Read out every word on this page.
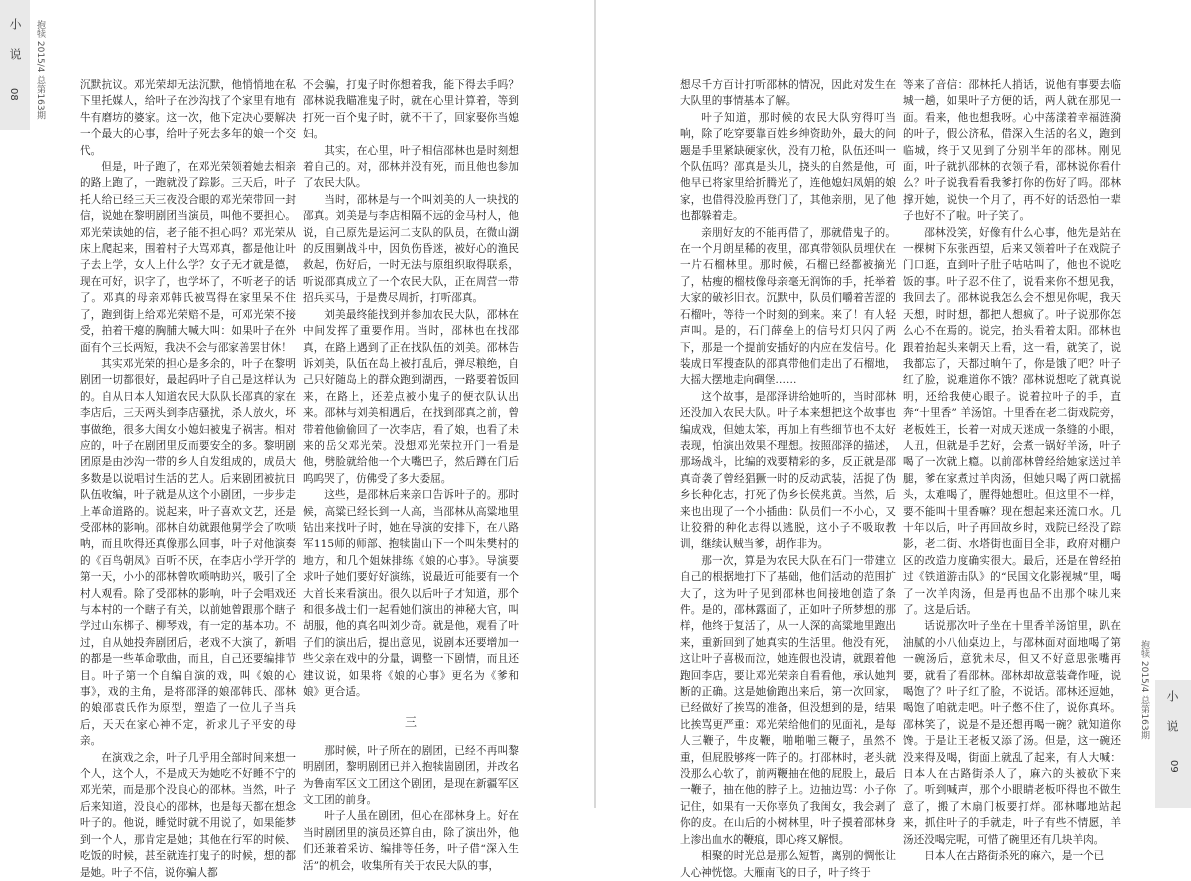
小说
08 抱犊 2015/4 总第163期
小说
09
抱犊 2015/4 总第163期

沉默抗议。邓光荣却无法沉默，他悄悄地在私下里托媒人，给叶子在沙沟找了个家里有地有牛有磨坊的婆家。这一次，他下定决心要解决一个最大的心事，给叶子死去多年的娘一个交代。

但是，叶子跑了，在邓光荣领着她去相亲的路上跑了，一跑就没了踪影。三天后，叶子托人给已经三天三夜没合眼的邓光荣带回一封信，说她在黎明剧团当演员，叫他不要担心。邓光荣读她的信，老子能不担心吗？邓光荣从床上爬起来，围着村子大骂邓真，都是他让叶子去上学，女人上什么学？女子无才就是德，现在可好，识字了，也学坏了，不听老子的话了。邓真的母亲邓韩氏被骂得在家里呆不住了，跑到街上给邓光荣赔不是，可邓光荣不接受，拍着干瘪的胸脯大喊大叫：如果叶子在外面有个三长两短，我决不会与邵家善罢甘休！

其实邓光荣的担心是多余的，叶子在黎明剧团一切都很好，最起码叶子自己是这样认为的。自从日本人知道农民大队队长邵真的家在李店后，三天两头到李店骚扰，杀人放火，坏事做绝，很多大闺女小媳妇被鬼子祸害。相对应的，叶子在剧团里反而要安全的多。黎明剧团原是由沙沟一带的乡人自发组成的，成员大多数是以说唱讨生活的艺人。后来剧团被抗日队伍收编，叶子就是从这个小剧团，一步步走上革命道路的。说起来，叶子喜欢文艺，还是受邵林的影响。邵林自幼就跟他舅学会了吹唢呐，而且吹得还真像那么回事，叶子对他演奏的《百鸟朝凤》百听不厌，在李店小学开学的第一天，小小的邵林曾吹唢呐助兴，吸引了全村人观看。除了受邵林的影响，叶子会唱戏还与本村的一个瞎子有关，以前她曾跟那个瞎子学过山东梆子、柳琴戏，有一定的基本功。不过，自从她投奔剧团后，老戏不大演了，新唱的都是一些革命歌曲，而且，自己还要编排节目。叶子第一个自编自演的戏，叫《娘的心事》，戏的主角，是将邵泽的娘邵韩氏、邵林的娘邵袁氏作为原型，塑造了一位儿子当兵后，天天在家心神不定，祈求儿子平安的母亲。

在演戏之余，叶子几乎用全部时间来想一个人，这个人，不是成天为她吃不好睡不宁的邓光荣，而是那个没良心的邵林。当然，叶子后来知道，没良心的邵林，也是每天都在想念叶子的。他说，睡觉时就不用说了，如果能梦到一个人，那肯定是她；其他在行军的时候、吃饭的时候，甚至就连打鬼子的时候，想的都是她。叶子不信，说你骗人都

不会骗，打鬼子时你想着我，能下得去手吗？邵林说我瞄准鬼子时，就在心里计算着，等到打死一百个鬼子时，就不干了，回家娶你当媳妇。

其实，在心里，叶子相信邵林也是时刻想着自己的。对，邵林并没有死，而且他也参加了农民大队。

当时，邵林是与一个叫刘美的人一块找的邵真。刘美是与李店相隔不远的金马村人，他说，自己原先是运河二支队的队员，在微山湖的反围剿战斗中，因负伤昏迷，被好心的渔民救起，伤好后，一时无法与原组织取得联系，听说邵真成立了一个农民大队，正在周营一带招兵买马，于是费尽周折，打听邵真。

刘美最终能找到并参加农民大队，邵林在中间发挥了重要作用。当时，邵林也在找邵真，在路上遇到了正在找队伍的刘美。邵林告诉刘美，队伍在岛上被打乱后，弹尽粮绝，自己只好随岛上的群众跑到湖西，一路要着饭回来，在路上，还差点被小鬼子的便衣队认出来。邵林与刘美相遇后，在找到邵真之前，曾带着他偷偷回了一次李店，看了娘，也看了未来的岳父邓光荣。没想邓光荣拉开门一看是他，劈脸就给他一个大嘴巴子，然后蹲在门后呜呜哭了，仿佛受了多大委屈。

这些，是邵林后来亲口告诉叶子的。那时候，高粱已经长到一人高，当邵林从高粱地里钻出来找叶子时，她在导演的安排下，在八路军115师的师部、抱犊崮山下一个叫朱樊村的地方，和几个姐妹排练《娘的心事》。导演要求叶子她们要好好演练，说最近可能要有一个大首长来看演出。很久以后叶子才知道，那个和很多战士们一起看她们演出的神秘大官，叫胡服，他的真名叫刘少奇。就是他，观看了叶子们的演出后，提出意见，说剧本还要增加一些父亲在戏中的分量，调整一下剧情，而且还建议说，如果将《娘的心事》更名为《爹和娘》更合适。

三

那时候，叶子所在的剧团，已经不再叫黎明剧团，黎明剧团已并入抱犊崮剧团，并改名为鲁南军区文工团这个剧团，是现在新疆军区文工团的前身。

叶子人虽在剧团，但心在邵林身上。好在当时剧团里的演员还算自由，除了演出外，他们还兼着采访、编排等任务，叶子借“深入生活”的机会，收集所有关于农民大队的事，

想尽千方百计打听邵林的情况，因此对发生在大队里的事情基本了解。

叶子知道，那时候的农民大队穷得叮当响，除了吃穿要靠百姓乡绅资助外，最大的问题是手里紧缺硬家伙，没有刀枪，队伍还叫一个队伍吗？邵真是头儿，挠头的自然是他，可他早已将家里给折腾光了，连他媳妇凤娟的娘家，也借得没脸再登门了，其他亲朋，见了他也都躲着走。

亲朋好友的不能再借了，那就借鬼子的。在一个月朗星稀的夜里，邵真带领队员埋伏在一片石榴林里。那时候，石榴已经都被摘光了，枯瘦的榴枝像母亲毫无润饰的手，托举着大家的破衫旧衣。沉默中，队员们嚼着苦涩的石榴叶，等待一个时刻的到来。来了！有人轻声叫。是的，石门薛垒上的信号灯只闪了两下，那是一个提前安插好的内应在发信号。化装成日军搜查队的邵真带他们走出了石榴地，大摇大摆地走向碉堡……

这个故事，是邵泽讲给她听的，当时邵林还没加入农民大队。叶子本来想把这个故事也编成戏，但她太笨，再加上有些细节也不太好表现，怕演出效果不理想。按照邵泽的描述，那场战斗，比编的戏要精彩的多，反正就是邵真奇袭了曾经猖獗一时的反动武装，活捉了伪乡长种化志，打死了伪乡长侯兆黄。当然，后来也出现了一个小插曲：队员们一不小心，又让狡猾的种化志得以逃脱，这小子不吸取教训，继续认贼当爹，胡作非为。

那一次，算是为农民大队在石门一带建立自己的根据地打下了基础，他们活动的范围扩大了，这为叶子见到邵林也间接地创造了条件。是的，邵林露面了，正如叶子所梦想的那样，他终于复活了，从一人深的高粱地里跑出来，重新回到了她真实的生活里。他没有死，这让叶子喜极而泣，她连假也没请，就跟着他跑回李店，要让邓光荣亲自看看他，承认她判断的正确。这是她偷跑出来后，第一次回家，已经做好了挨骂的准备，但没想到的是，结果比挨骂更严重：邓光荣给他们的见面礼，是每人三鞭子，牛皮鞭，啪啪啪三鞭子，虽然不重，但屁股够疼一阵子的。打邵林时，老头就没那么心软了，前两鞭抽在他的屁股上，最后一鞭子，抽在他的脖子上。边抽边骂：小子你记住，如果有一天你辜负了我闺女，我会剥了你的皮。在山后的小树林里，叶子摸着邵林身上渗出血水的鞭痕，即心疼又解恨。

相聚的时光总是那么短暂，离别的惆怅让人心神恍惚。大雁南飞的日子，叶子终于

等来了音信：邵林托人捎话，说他有事要去临城一趟，如果叶子方便的话，两人就在那见一面。看来，他也想我呀。心中荡漾着幸福涟漪的叶子，假公济私，借深入生活的名义，跑到临城，终于又见到了分别半年的邵林。刚见面，叶子就扒邵林的衣领子看，邵林说你看什么？叶子说我看看我爹打你的伤好了吗。邵林撑开她，说快一个月了，再不好的话恐怕一辈子也好不了啦。叶子笑了。

邵林没笑，好像有什么心事，他先是站在一棵树下东张西望，后来又领着叶子在戏院子门口逛，直到叶子肚子咕咕叫了，他也不说吃饭的事。叶子忍不住了，说看来你不想见我，我回去了。邵林说我怎么会不想见你呢，我天天想，时时想，都把人想疯了。叶子说那你怎么心不在焉的。说完，抬头看着太阳。邵林也跟着抬起头来朝天上看，这一看，就笑了，说我都忘了，天都过晌午了，你是饿了吧？叶子红了脸，说难道你不饿？邵林说想吃了就真说明，还给我使心眼子。说着拉叶子的手，直奔“十里香” 羊汤馆。十里香在老二街戏院旁，老板姓王，长着一对成天迷成一条缝的小眼，人丑，但就是手艺好，会煮一锅好羊汤，叶子喝了一次就上瘾。以前邵林曾经给她家送过羊腿，爹在家煮过羊肉汤，但她只喝了两口就摇头，太难喝了，腥得她想吐。但这里不一样，要不能叫十里香嘛？现在想起来还流口水。几十年以后，叶子再回故乡时，戏院已经没了踪影，老二街、水塔街也面目全非，政府对棚户区的改造力度确实很大。最后，还是在曾经拍过《铁道游击队》的“民国文化影视城”里，喝了一次羊肉汤，但是再也品不出那个味儿来了。这是后话。

话说那次叶子坐在十里香羊汤馆里，趴在油腻的小八仙桌边上，与邵林面对面地喝了第一碗汤后，意犹未尽，但又不好意思张嘴再要，就看了看邵林。邵林却故意装聋作哑，说喝饱了？叶子红了脸，不说话。邵林还逗她，喝饱了咱就走吧。叶子憋不住了，说你真坏。邵林笑了，说是不是还想再喝一碗？就知道你馋。于是让王老板又添了汤。但是，这一碗还没来得及喝，街面上就乱了起来，有人大喊：日本人在古路街杀人了，麻六的头被砍下来了。听到喊声，那个小眼睛老板吓得也不做生意了，搬了木扇门板要打烊。邵林嘟地站起来，抓住叶子的手就走，叶子有些不情愿，羊汤还没喝完呢，可惜了碗里还有几块羊肉。

日本人在古路街杀死的麻六，是一个已
